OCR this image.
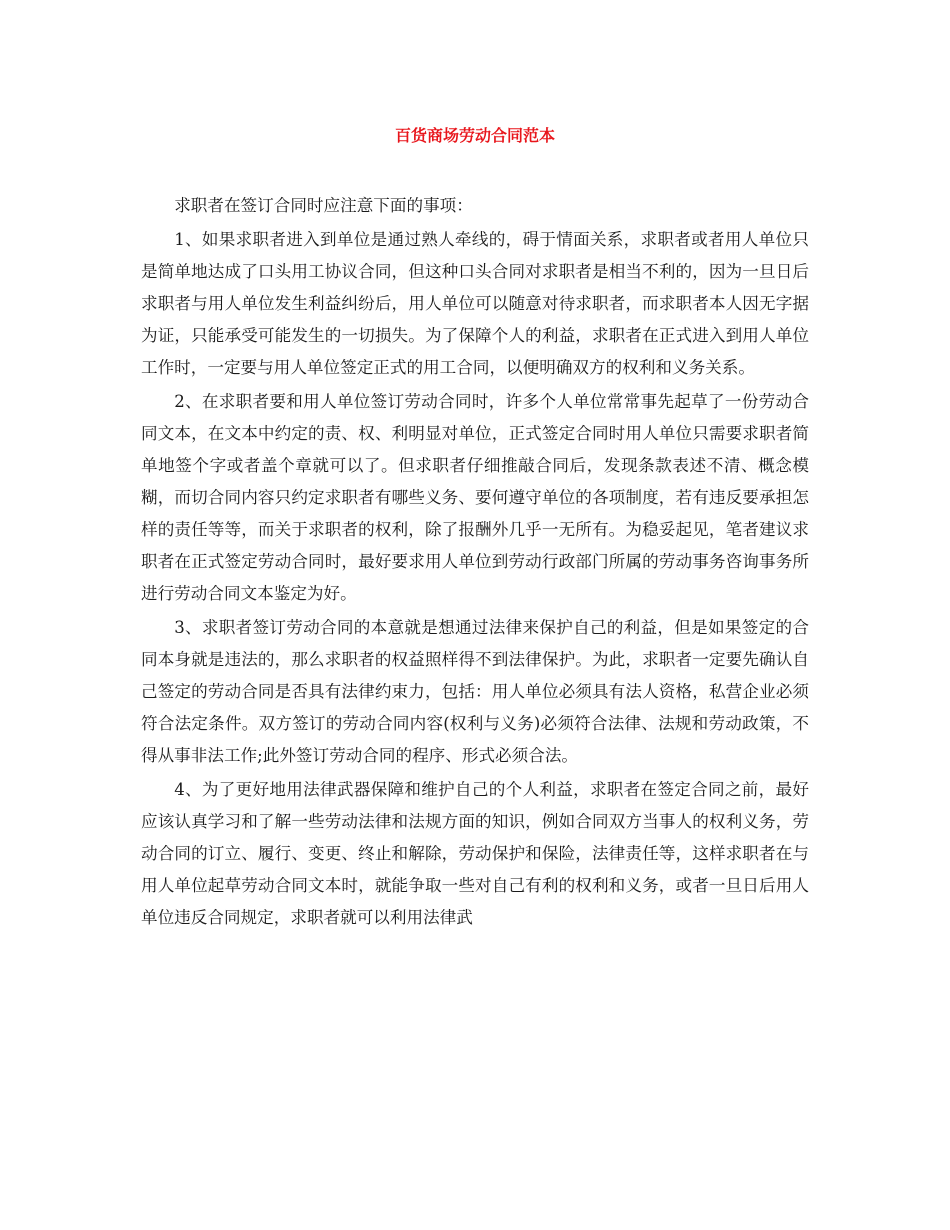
百货商场劳动合同范本

求职者在签订合同时应注意下面的事项：

1、如果求职者进入到单位是通过熟人牵线的，碍于情面关系，求职者或者用人单位只是简单地达成了口头用工协议合同，但这种口头合同对求职者是相当不利的，因为一旦日后求职者与用人单位发生利益纠纷后，用人单位可以随意对待求职者，而求职者本人因无字据为证，只能承受可能发生的一切损失。为了保障个人的利益，求职者在正式进入到用人单位工作时，一定要与用人单位签定正式的用工合同，以便明确双方的权利和义务关系。

2、在求职者要和用人单位签订劳动合同时，许多个人单位常常事先起草了一份劳动合同文本，在文本中约定的责、权、利明显对单位，正式签定合同时用人单位只需要求职者简单地签个字或者盖个章就可以了。但求职者仔细推敲合同后，发现条款表述不清、概念模糊，而切合同内容只约定求职者有哪些义务、要何遵守单位的各项制度，若有违反要承担怎样的责任等等，而关于求职者的权利，除了报酬外几乎一无所有。为稳妥起见，笔者建议求职者在正式签定劳动合同时，最好要求用人单位到劳动行政部门所属的劳动事务咨询事务所进行劳动合同文本鉴定为好。

3、求职者签订劳动合同的本意就是想通过法律来保护自己的利益，但是如果签定的合同本身就是违法的，那么求职者的权益照样得不到法律保护。为此，求职者一定要先确认自己签定的劳动合同是否具有法律约束力，包括：用人单位必须具有法人资格，私营企业必须符合法定条件。双方签订的劳动合同内容(权利与义务)必须符合法律、法规和劳动政策，不得从事非法工作;此外签订劳动合同的程序、形式必须合法。

4、为了更好地用法律武器保障和维护自己的个人利益，求职者在签定合同之前，最好应该认真学习和了解一些劳动法律和法规方面的知识，例如合同双方当事人的权利义务，劳动合同的订立、履行、变更、终止和解除，劳动保护和保险，法律责任等，这样求职者在与用人单位起草劳动合同文本时，就能争取一些对自己有利的权利和义务，或者一旦日后用人单位违反合同规定，求职者就可以利用法律武
